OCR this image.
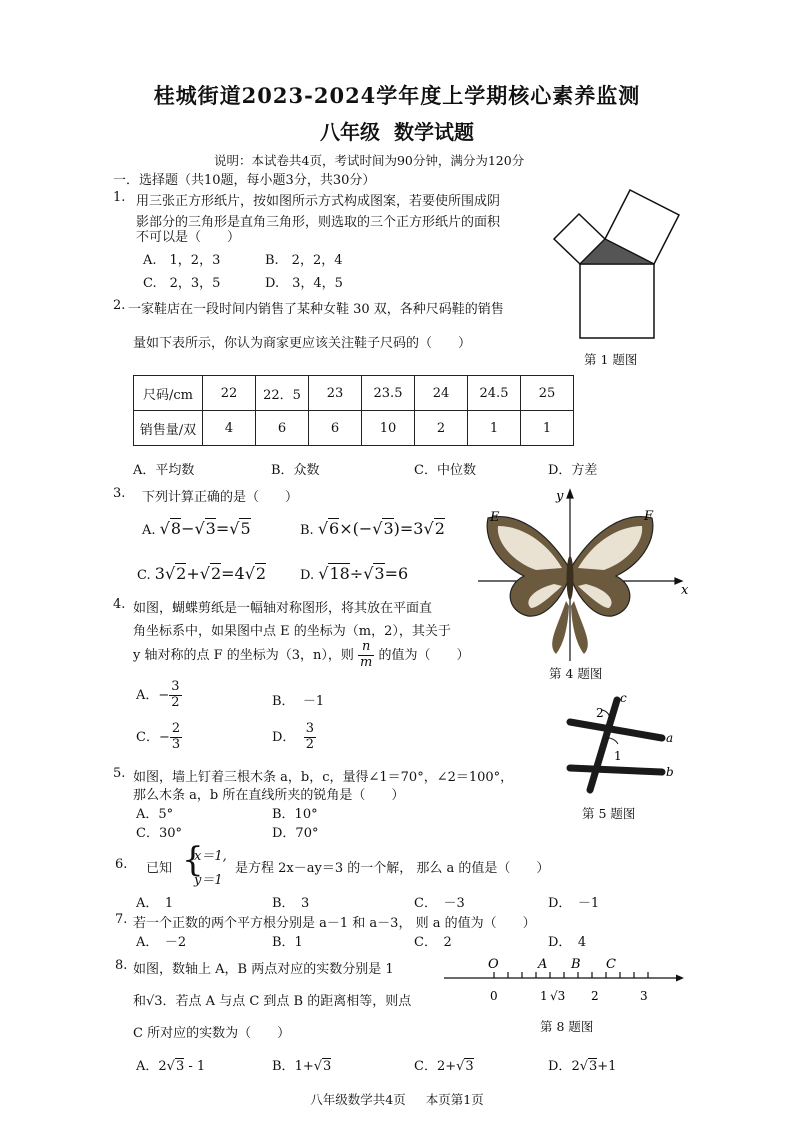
桂城街道2023-2024学年度上学期核心素养监测
八年级 数学试题
说明：本试卷共4页，考试时间为90分钟，满分为120分
一．选择题（共10题，每小题3分，共30分）
1. 用三张正方形纸片，按如图所示方式构成图案，若要使所围成阴
影部分的三角形是直角三角形，则选取的三个正方形纸片的面积
不可以是（　　）
A.　1，2，3	B.　2，2，4
C.　2，3，5	D.　3，4，5
第 1 题图
2. 一家鞋店在一段时间内销售了某种女鞋 30 双，各种尺码鞋的销售
量如下表所示，你认为商家更应该关注鞋子尺码的（　　）
尺码/cm	22	22．5	23	23.5	24	24.5	25
销售量/双	4	6	6	10	2	1	1
A．平均数	B．众数	C．中位数	D．方差
3. 下列计算正确的是（　　）
A. √8−√3=√5	B. √6×(−√3)=3√2
C. 3√2+√2=4√2	D. √18÷√3=6
E	F
x
y
第 4 题图
4. 如图，蝴蝶剪纸是一幅轴对称图形，将其放在平面直
角坐标系中，如果图中点 E 的坐标为（m，2），其关于
y 轴对称的点 F 的坐标为（3，n），则 $\frac{n}{m}$ 的值为（　　）
A．− $\frac{3}{2}$	B． －1
C．− $\frac{2}{3}$	D． $\frac{3}{2}$	a
b
c
1
2
第 5 题图
5. 如图，墙上钉着三根木条 a，b，c，量得∠1＝70°，∠2＝100°，
那么木条 a，b 所在直线所夹的锐角是（　　）
A．5°	B．10°
C．30°	D．70°
6. 已知 {
x＝1,
y＝1
是方程 2x－ay＝3 的一个解， 那么 a 的值是（　　）
A．　1	B．　3	C．　－3	D．　－1
7. 若一个正数的两个平方根分别是 a－1 和 a－3， 则 a 的值为（　　）
A．　－2	B．1	C．　2	D．　4
8. 如图，数轴上 A，B 两点对应的实数分别是 1
和√3．若点 A 与点 C 到点 B 的距离相等，则点
C 所对应的实数为（　　）
A．2√3 - 1	B．1+√3	C．2+√3	D．2√3+1
O	A B C
0	1 √3 2	3
第 8 题图
八年级数学共4页 本页第1页
